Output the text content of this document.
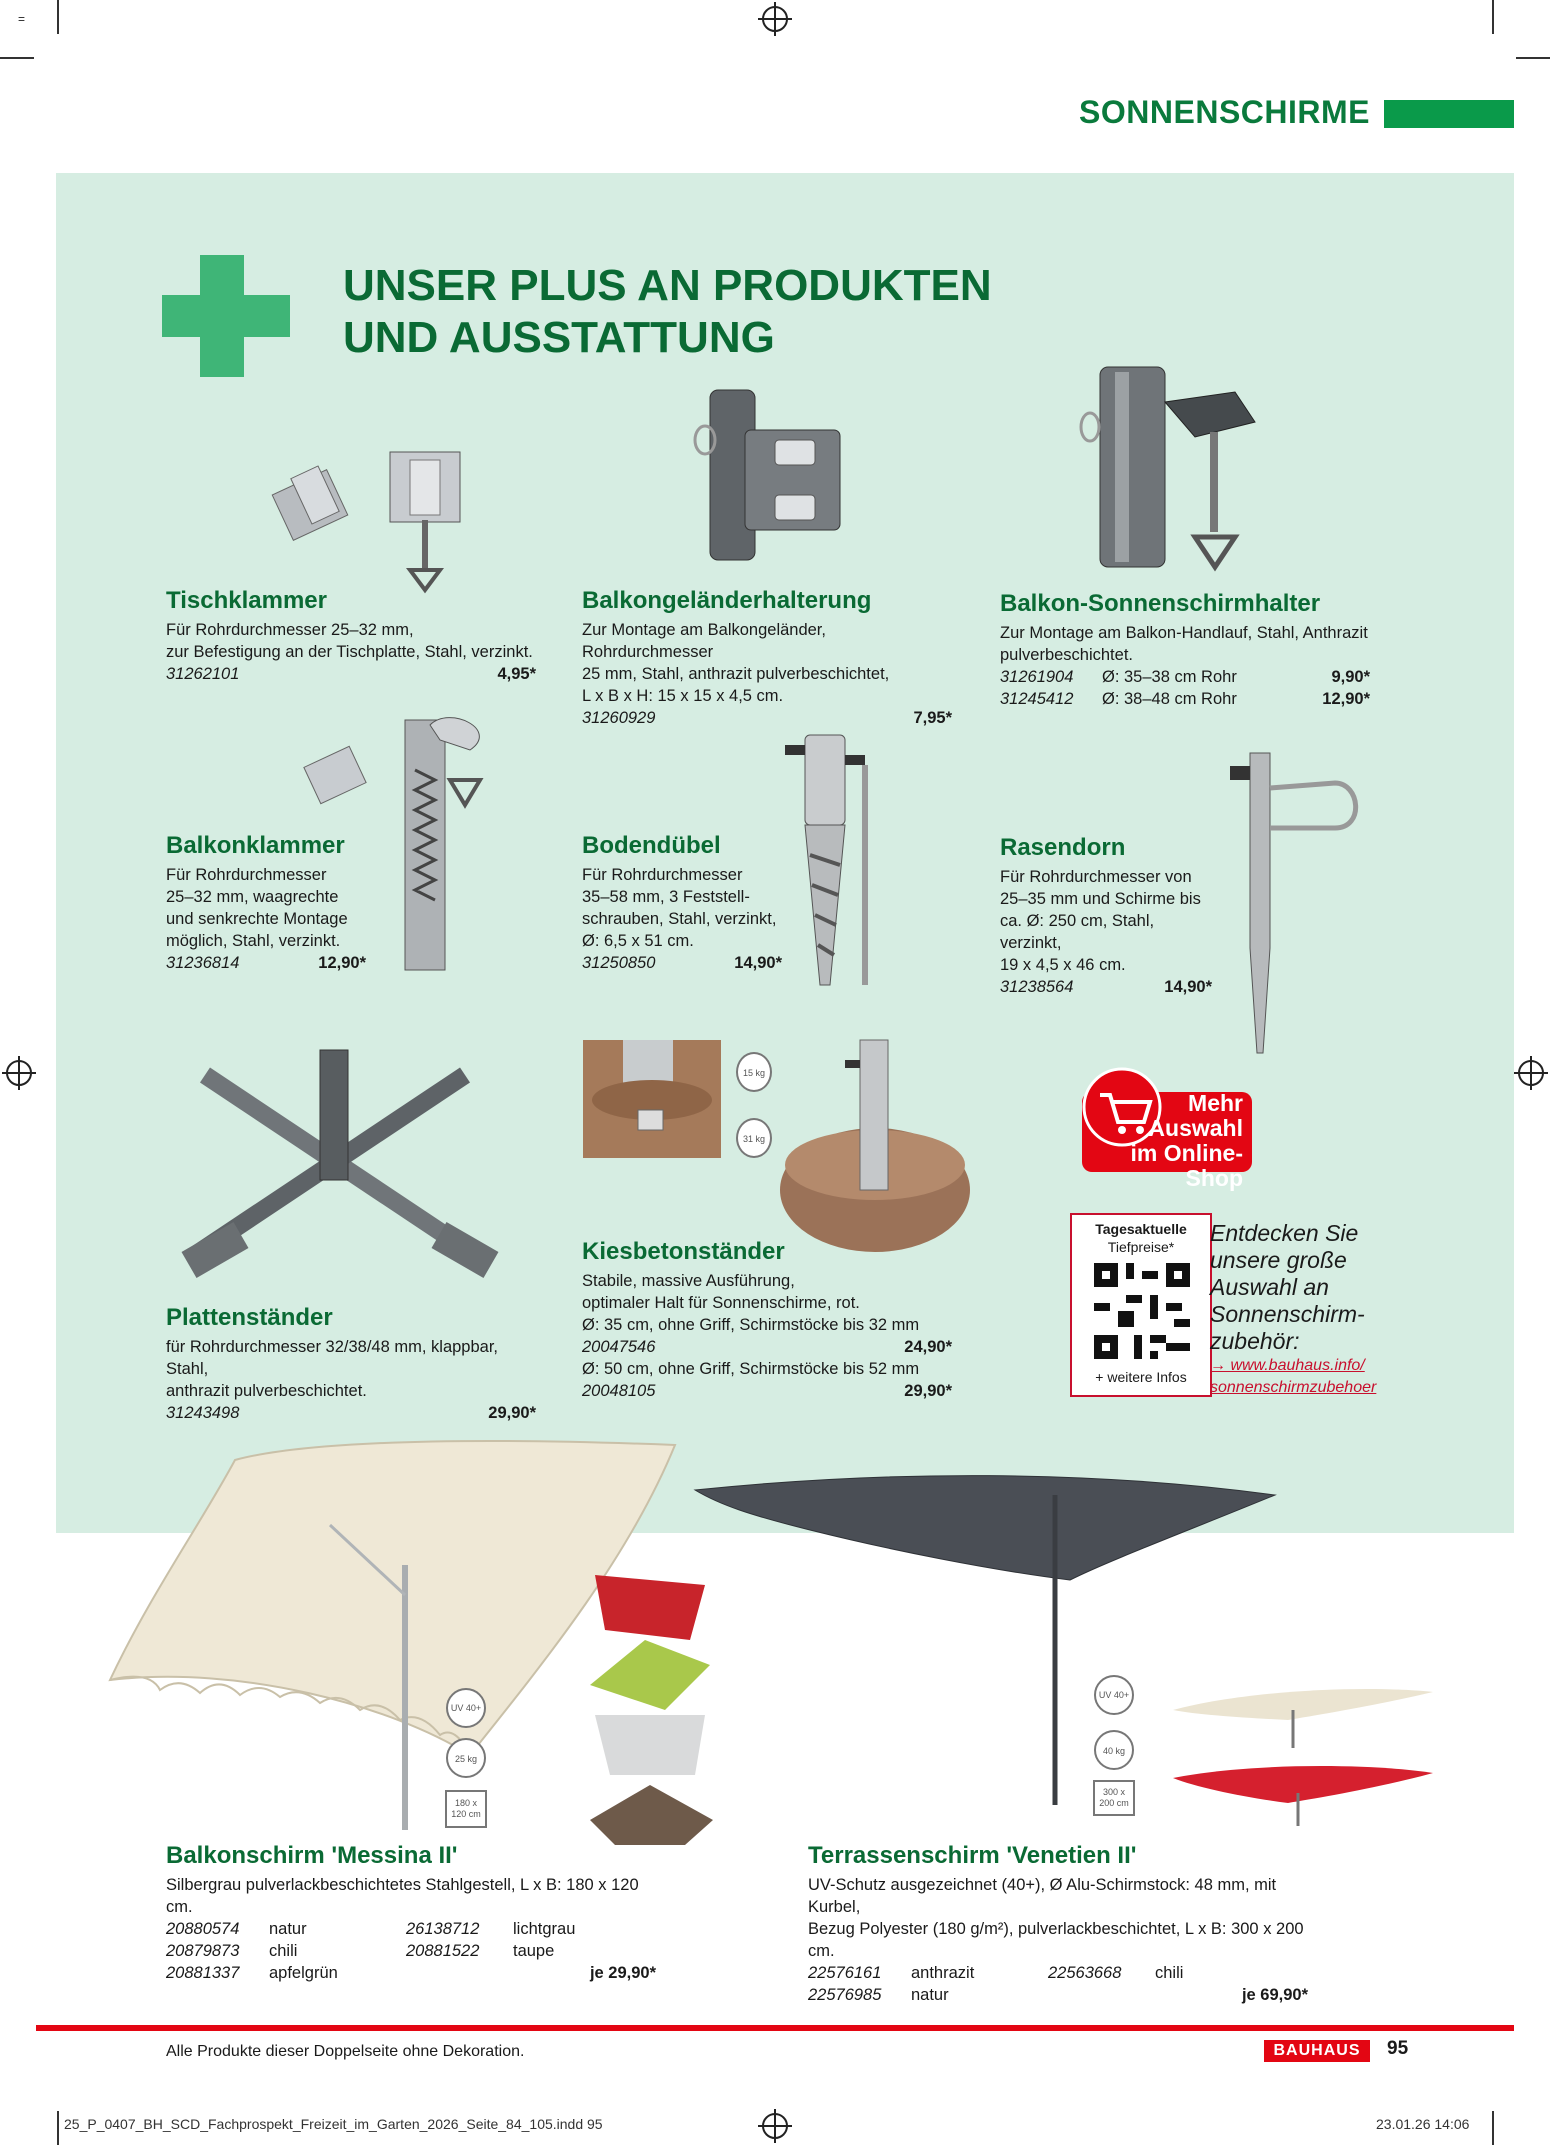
=
SONNENSCHIRME
UNSER PLUS AN PRODUKTEN
UND AUSSTATTUNG
Tischklammer
Für Rohrdurchmesser 25–32 mm,
zur Befestigung an der Tischplatte, Stahl, verzinkt.
31262101	4,95*
Balkongeländerhalterung
Zur Montage am Balkongeländer, Rohrdurchmesser
25 mm, Stahl, anthrazit pulverbeschichtet,
L x B x H: 15 x 15 x 4,5 cm.
31260929	7,95*
Balkon-Sonnenschirmhalter
Zur Montage am Balkon-Handlauf, Stahl, Anthrazit
pulverbeschichtet.
31261904 Ø: 35–38 cm Rohr	9,90*
31245412 Ø: 38–48 cm Rohr	12,90*
Balkonklammer
Für Rohrdurchmesser
25–32 mm, waagrechte
und senkrechte Montage
möglich, Stahl, verzinkt.
31236814	12,90*
Bodendübel
Für Rohrdurchmesser
35–58 mm, 3 Feststell-
schrauben, Stahl, verzinkt,
Ø: 6,5 x 51 cm.
31250850	14,90*
Rasendorn
Für Rohrdurchmesser von
25–35 mm und Schirme bis
ca. Ø: 250 cm, Stahl, verzinkt,
19 x 4,5 x 46 cm.
31238564	14,90*
15 kg
31 kg
Mehr
Auswahl
im Online-Shop
Tagesaktuelle
Tiefpreise*
+ weitere Infos
Entdecken Sie unsere große Auswahl an Sonnenschirm-zubehör:
→ www.bauhaus.info/
sonnenschirmzubehoer
Plattenständer
für Rohrdurchmesser 32/38/48 mm, klappbar, Stahl,
anthrazit pulverbeschichtet.
31243498	29,90*
Kiesbetonständer
Stabile, massive Ausführung,
optimaler Halt für Sonnenschirme, rot.
Ø: 35 cm, ohne Griff, Schirmstöcke bis 32 mm
20047546	24,90*
Ø: 50 cm, ohne Griff, Schirmstöcke bis 52 mm
20048105	29,90*
UV 40+
25 kg
180 x 120 cm
UV 40+
40 kg
300 x 200 cm
Balkonschirm 'Messina II'
Silbergrau pulverlackbeschichtetes Stahlgestell, L x B: 180 x 120 cm.
20880574 natur	26138712 lichtgrau
20879873 chili	20881522 taupe
20881337 apfelgrün	je 29,90*
Terrassenschirm 'Venetien II'
UV-Schutz ausgezeichnet (40+), Ø Alu-Schirmstock: 48 mm, mit Kurbel,
Bezug Polyester (180 g/m²), pulverlackbeschichtet, L x B: 300 x 200 cm.
22576161 anthrazit	22563668 chili
22576985 natur	je 69,90*
Alle Produkte dieser Doppelseite ohne Dekoration.	BAUHAUS	95
25_P_0407_BH_SCD_Fachprospekt_Freizeit_im_Garten_2026_Seite_84_105.indd 95	23.01.26 14:06
